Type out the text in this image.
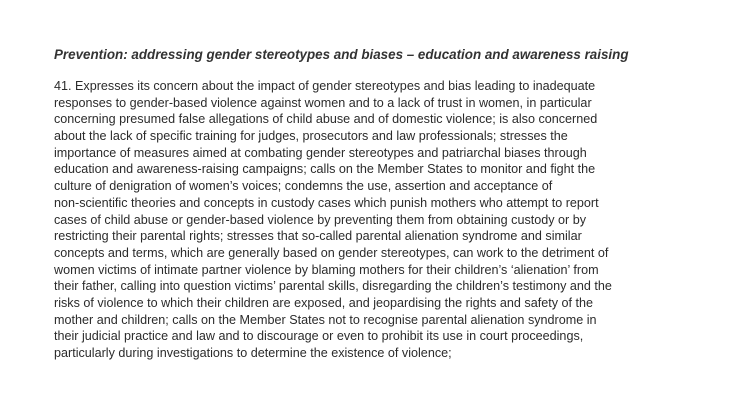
Prevention: addressing gender stereotypes and biases – education and awareness raising
41. Expresses its concern about the impact of gender stereotypes and bias leading to inadequate
responses to gender-based violence against women and to a lack of trust in women, in particular
concerning presumed false allegations of child abuse and of domestic violence; is also concerned
about the lack of specific training for judges, prosecutors and law professionals; stresses the
importance of measures aimed at combating gender stereotypes and patriarchal biases through
education and awareness-raising campaigns; calls on the Member States to monitor and fight the
culture of denigration of women’s voices; condemns the use, assertion and acceptance of
non-scientific theories and concepts in custody cases which punish mothers who attempt to report
cases of child abuse or gender-based violence by preventing them from obtaining custody or by
restricting their parental rights; stresses that so-called parental alienation syndrome and similar
concepts and terms, which are generally based on gender stereotypes, can work to the detriment of
women victims of intimate partner violence by blaming mothers for their children’s ‘alienation’ from
their father, calling into question victims’ parental skills, disregarding the children’s testimony and the
risks of violence to which their children are exposed, and jeopardising the rights and safety of the
mother and children; calls on the Member States not to recognise parental alienation syndrome in
their judicial practice and law and to discourage or even to prohibit its use in court proceedings,
particularly during investigations to determine the existence of violence;
